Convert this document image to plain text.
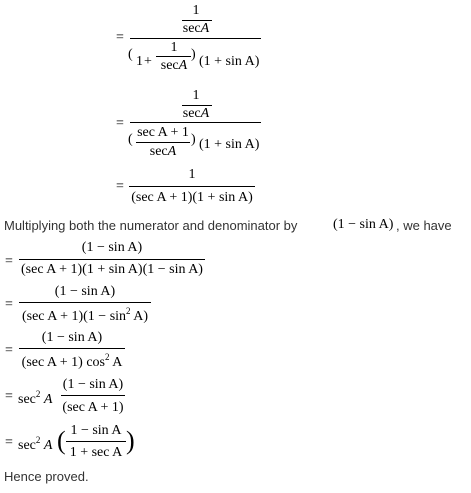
=
1
secA
( 1 +
1
secA
) (1 + sin A)
=
1
secA
( sec A + 1
secA
) (1 + sin A)
=
1
(sec A + 1)(1 + sin A)
Multiplying both the numerator and denominator by	(1 − sin A) , we have
=
(1 − sin A)
(sec A + 1)(1 + sin A)(1 − sin A)
=
(1 − sin A)
(sec $A + 1)(1 - \sin^2 A)$
=
(1 − sin A)
(sec A + 1) $\cos^2 A$
= $\sec^2 A$
(1 − sin A)
(sec A + 1)
= $\sec^2 A$ ( 1 − sin A
1 + sec A )
Hence proved.
